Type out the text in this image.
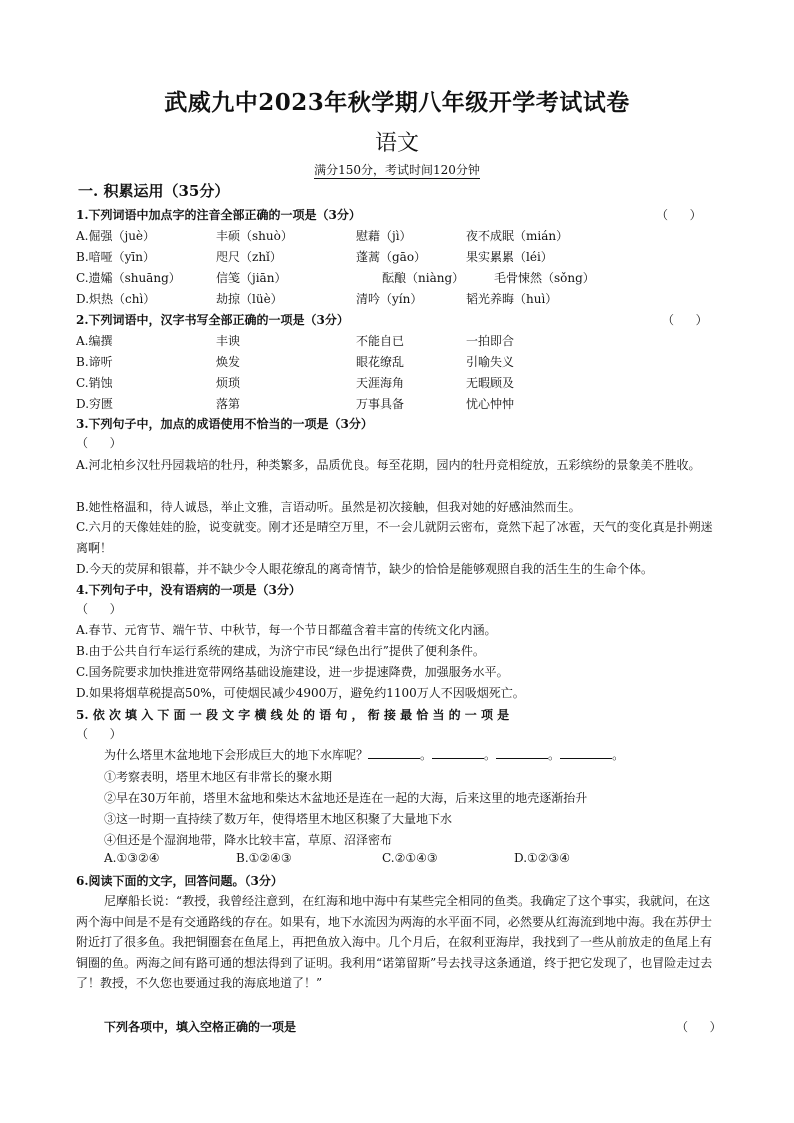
武威九中2023年秋学期八年级开学考试试卷
语文
满分150分，考试时间120分钟
一. 积累运用（35分）
1.下列词语中加点字的注音全部正确的一项是（3分）	（   ）
A.倔强（juè）	丰硕（shuò）	慰藉（jì）	夜不成眠（mián）
B.喑哑（yīn）	咫尺（zhǐ）	蓬蒿（gāo）	果实累累（léi）
C.遗孀（shuāng）	信笺（jiān）	酝酿（niàng） 毛骨悚然（sǒng）
D.炽热（chì）	劫掠（lüè）	清吟（yín）	韬光养晦（huì）
2.下列词语中，汉字书写全部正确的一项是（3分）	（   ）
A.编撰	丰谀	不能自已	一拍即合
B.谛听	焕发	眼花缭乱	引喻失义
C.销蚀	烦琐	天涯海角	无暇顾及
D.穷匮	落第	万事具备	忧心忡忡
3.下列句子中，加点的成语使用不恰当的一项是（3分）
（   ）
A.河北柏乡汉牡丹园栽培的牡丹，种类繁多，品质优良。每至花期，园内的牡丹竞相绽放，五彩缤纷的景象美不胜收。
B.她性格温和，待人诚恳，举止文雅，言语动听。虽然是初次接触，但我对她的好感油然而生。
C.六月的天像娃娃的脸，说变就变。刚才还是晴空万里，不一会儿就阴云密布，竟然下起了冰雹，天气的变化真是扑朔迷离啊！
D.今天的荧屏和银幕，并不缺少令人眼花缭乱的离奇情节，缺少的恰恰是能够观照自我的活生生的生命个体。
4.下列句子中，没有语病的一项是（3分）
（   ）
A.春节、元宵节、端午节、中秋节，每一个节日都蕴含着丰富的传统文化内涵。
B.由于公共自行车运行系统的建成，为济宁市民“绿色出行”提供了便利条件。
C.国务院要求加快推进宽带网络基础设施建设，进一步提速降费，加强服务水平。
D.如果将烟草税提高50%，可使烟民减少4900万，避免约1100万人不因吸烟死亡。
5. 依 次 填 入 下 面 一 段 文 字 横 线 处 的 语 句 ， 衔 接 最 恰 当 的 一 项 是
（   ）
为什么塔里木盆地地下会形成巨大的地下水库呢？	。	。	。	。
①考察表明，塔里木地区有非常长的聚水期
②早在30万年前，塔里木盆地和柴达木盆地还是连在一起的大海，后来这里的地壳逐渐抬升
③这一时期一直持续了数万年，使得塔里木地区积聚了大量地下水
④但还是个湿润地带，降水比较丰富，草原、沼泽密布
A.①③②④	B.①②④③	C.②①④③	D.①②③④
6.阅读下面的文字，回答问题。（3分）
尼摩船长说：“教授，我曾经注意到，在红海和地中海中有某些完全相同的鱼类。我确定了这个事实，我就问，在这两个海中间是不是有交通路线的存在。如果有，地下水流因为两海的水平面不同，必然要从红海流到地中海。我在苏伊士附近打了很多鱼。我把铜圈套在鱼尾上，再把鱼放入海中。几个月后，在叙利亚海岸，我找到了一些从前放走的鱼尾上有铜圈的鱼。两海之间有路可通的想法得到了证明。我利用“诺第留斯”号去找寻这条通道，终于把它发现了，也冒险走过去了！教授，不久您也要通过我的海底地道了！”
下列各项中，填入空格正确的一项是	（   ）
